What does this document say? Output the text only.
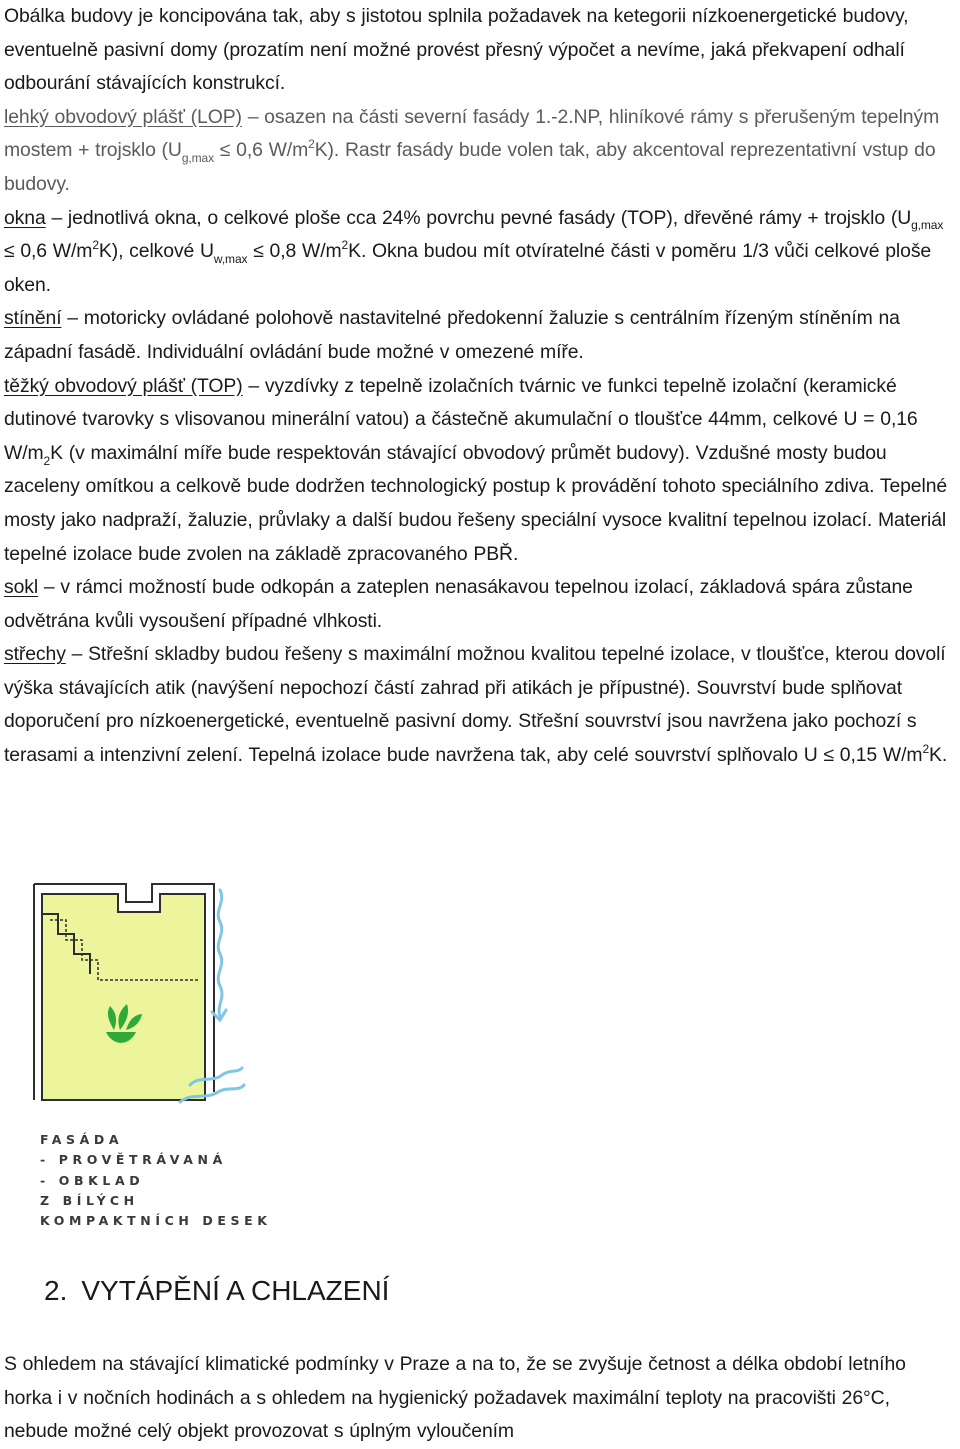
Obálka budovy je koncipována tak, aby s jistotou splnila požadavek na ketegorii nízkoenergetické budovy, eventuelně pasivní domy (prozatím není možné provést přesný výpočet a nevíme, jaká překvapení odhalí odbourání stávajících konstrukcí.

lehký obvodový plášť (LOP) – osazen na části severní fasády 1.-2.NP, hliníkové rámy s přerušeným tepelným mostem + trojsklo ($U_{g,max} \le 0,6$ $W/m^2K$). Rastr fasády bude volen tak, aby akcentoval reprezentativní vstup do budovy.

okna – jednotlivá okna, o celkové ploše cca 24% povrchu pevné fasády (TOP), dřevěné rámy + trojsklo ($U_{g,max} \le 0,6$ $W/m^2K$), celkové $U_{w,max} \le 0,8$ $W/m^2K$. Okna budou mít otvíratelné části v poměru 1/3 vůči celkové ploše oken.

stínění – motoricky ovládané polohově nastavitelné předokenní žaluzie s centrálním řízeným stíněním na západní fasádě. Individuální ovládání bude možné v omezené míře.

těžký obvodový plášť (TOP) – vyzdívky z tepelně izolačních tvárnic ve funkci tepelně izolační (keramické dutinové tvarovky s vlisovanou minerální vatou) a částečně akumulační o tloušťce 44mm, celkové U = 0,16 $W/m_2K$ (v maximální míře bude respektován stávající obvodový průmět budovy). Vzdušné mosty budou zaceleny omítkou a celkově bude dodržen technologický postup k provádění tohoto speciálního zdiva. Tepelné mosty jako nadpraží, žaluzie, průvlaky a další budou řešeny speciální vysoce kvalitní tepelnou izolací. Materiál tepelné izolace bude zvolen na základě zpracovaného PBŘ.

sokl – v rámci možností bude odkopán a zateplen nenasákavou tepelnou izolací, základová spára zůstane odvětrána kvůli vysoušení případné vlhkosti.

střechy – Střešní skladby budou řešeny s maximální možnou kvalitou tepelné izolace, v tloušťce, kterou dovolí výška stávajících atik (navýšení nepochozí částí zahrad při atikách je přípustné). Souvrství bude splňovat doporučení pro nízkoenergetické, eventuelně pasivní domy. Střešní souvrství jsou navržena jako pochozí s terasami a intenzivní zelení. Tepelná izolace bude navržena tak, aby celé souvrství splňovalo U ≤ 0,15 $W/m^2K$.

FASÁDA
- PROVĚTRÁVANÁ
- OBKLAD
Z BÍLÝCH
KOMPAKTNÍCH DESEK
2. VYTÁPĚNÍ A CHLAZENÍ

S ohledem na stávající klimatické podmínky v Praze a na to, že se zvyšuje četnost a délka období letního horka i v nočních hodinách a s ohledem na hygienický požadavek maximální teploty na pracovišti 26°C, nebude možné celý objekt provozovat s úplným vyloučením
